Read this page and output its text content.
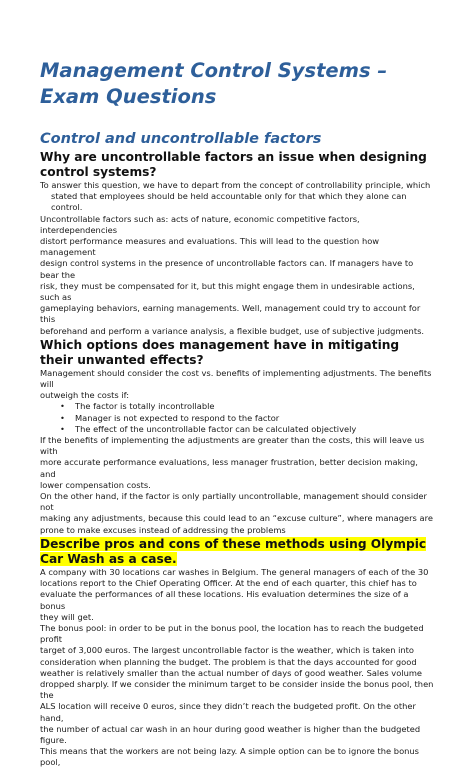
Management Control Systems – Exam Questions
Control and uncontrollable factors
Why are uncontrollable factors an issue when designing control systems?

To answer this question, we have to depart from the concept of controllability principle, which

stated that employees should be held accountable only for that which they alone can control.

Uncontrollable factors such as: acts of nature, economic competitive factors, interdependencies

distort performance measures and evaluations. This will lead to the question how management

design control systems in the presence of uncontrollable factors can. If managers have to bear the

risk, they must be compensated for it, but this might engage them in undesirable actions, such as

gameplaying behaviors, earning managements. Well, management could try to account for this

beforehand and perform a variance analysis, a flexible budget, use of subjective judgments.

Which options does management have in mitigating their unwanted effects?

Management should consider the cost vs. benefits of implementing adjustments. The benefits will

outweigh the costs if:

• The factor is totally incontrollable
• Manager is not expected to respond to the factor
• The effect of the uncontrollable factor can be calculated objectively

If the benefits of implementing the adjustments are greater than the costs, this will leave us with

more accurate performance evaluations, less manager frustration, better decision making, and

lower compensation costs.

On the other hand, if the factor is only partially uncontrollable, management should consider not

making any adjustments, because this could lead to an “excuse culture”, where managers are

prone to make excuses instead of addressing the problems

Describe pros and cons of these methods using Olympic Car Wash as a case.

A company with 30 locations car washes in Belgium. The general managers of each of the 30

locations report to the Chief Operating Officer. At the end of each quarter, this chief has to

evaluate the performances of all these locations. His evaluation determines the size of a bonus

they will get.

The bonus pool: in order to be put in the bonus pool, the location has to reach the budgeted profit

target of 3,000 euros. The largest uncontrollable factor is the weather, which is taken into

consideration when planning the budget. The problem is that the days accounted for good

weather is relatively smaller than the actual number of days of good weather. Sales volume

dropped sharply. If we consider the minimum target to be consider inside the bonus pool, then the

ALS location will receive 0 euros, since they didn’t reach the budgeted profit. On the other hand,

the number of actual car wash in an hour during good weather is higher than the budgeted figure.

This means that the workers are not being lazy. A simple option can be to ignore the bonus pool,
